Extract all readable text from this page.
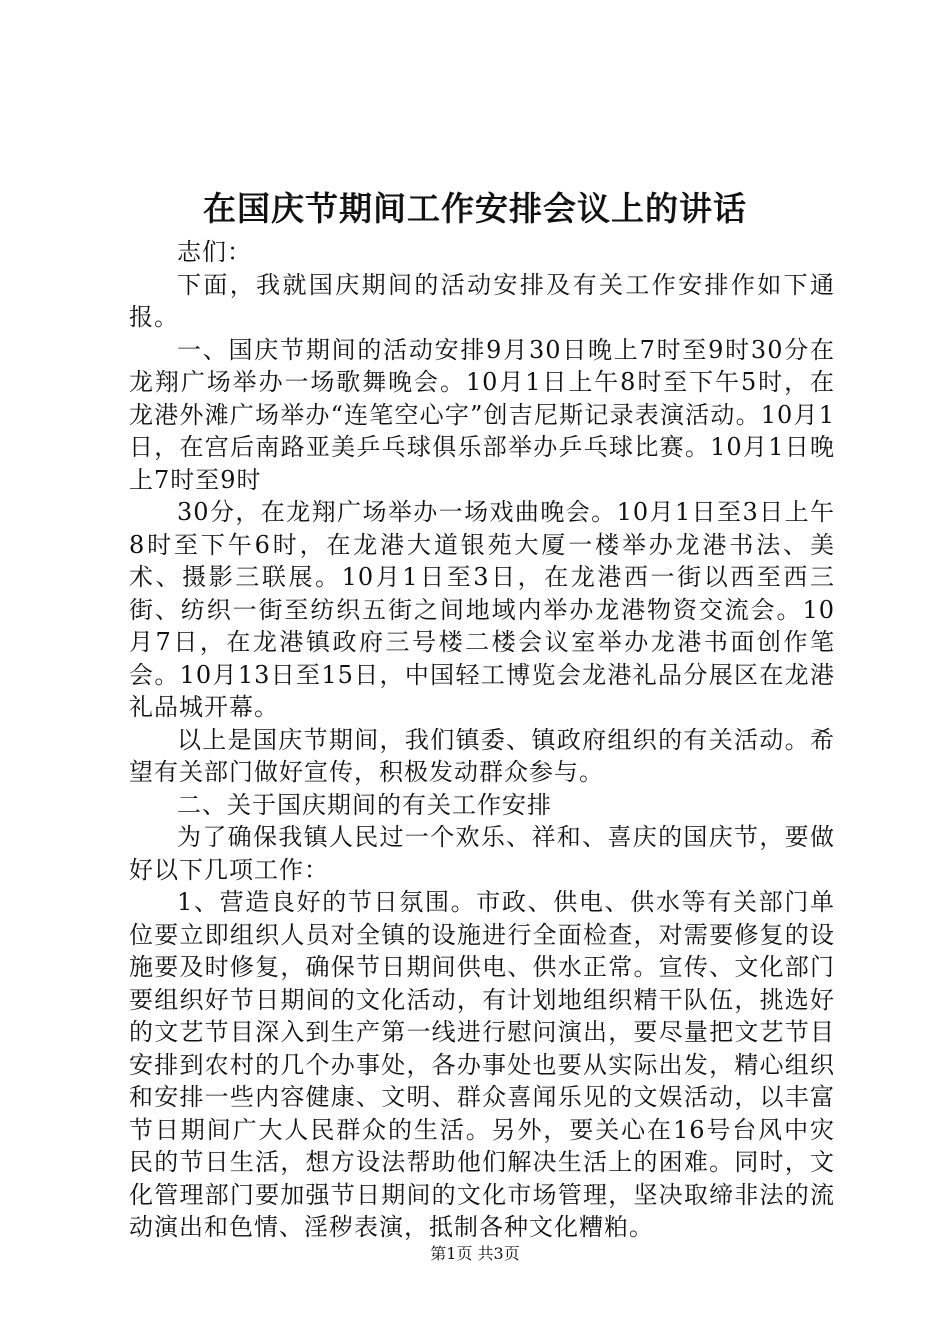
在国庆节期间工作安排会议上的讲话

志们：

下面，我就国庆期间的活动安排及有关工作安排作如下通报。

一、国庆节期间的活动安排9月30日晚上7时至9时30分在龙翔广场举办一场歌舞晚会。10月1日上午8时至下午5时，在龙港外滩广场举办“连笔空心字”创吉尼斯记录表演活动。10月1日，在宫后南路亚美乒乓球俱乐部举办乒乓球比赛。10月1日晚上7时至9时

30分，在龙翔广场举办一场戏曲晚会。10月1日至3日上午8时至下午6时，在龙港大道银苑大厦一楼举办龙港书法、美术、摄影三联展。10月1日至3日，在龙港西一街以西至西三街、纺织一街至纺织五街之间地域内举办龙港物资交流会。10月7日，在龙港镇政府三号楼二楼会议室举办龙港书面创作笔会。10月13日至15日，中国轻工博览会龙港礼品分展区在龙港礼品城开幕。

以上是国庆节期间，我们镇委、镇政府组织的有关活动。希望有关部门做好宣传，积极发动群众参与。

二、关于国庆期间的有关工作安排

为了确保我镇人民过一个欢乐、祥和、喜庆的国庆节，要做好以下几项工作：

1、营造良好的节日氛围。市政、供电、供水等有关部门单位要立即组织人员对全镇的设施进行全面检查，对需要修复的设施要及时修复，确保节日期间供电、供水正常。宣传、文化部门要组织好节日期间的文化活动，有计划地组织精干队伍，挑选好的文艺节目深入到生产第一线进行慰问演出，要尽量把文艺节目安排到农村的几个办事处，各办事处也要从实际出发，精心组织和安排一些内容健康、文明、群众喜闻乐见的文娱活动，以丰富节日期间广大人民群众的生活。另外，要关心在16号台风中灾民的节日生活，想方设法帮助他们解决生活上的困难。同时，文化管理部门要加强节日期间的文化市场管理，坚决取缔非法的流动演出和色情、淫秽表演，抵制各种文化糟粕。

第1页 共3页
